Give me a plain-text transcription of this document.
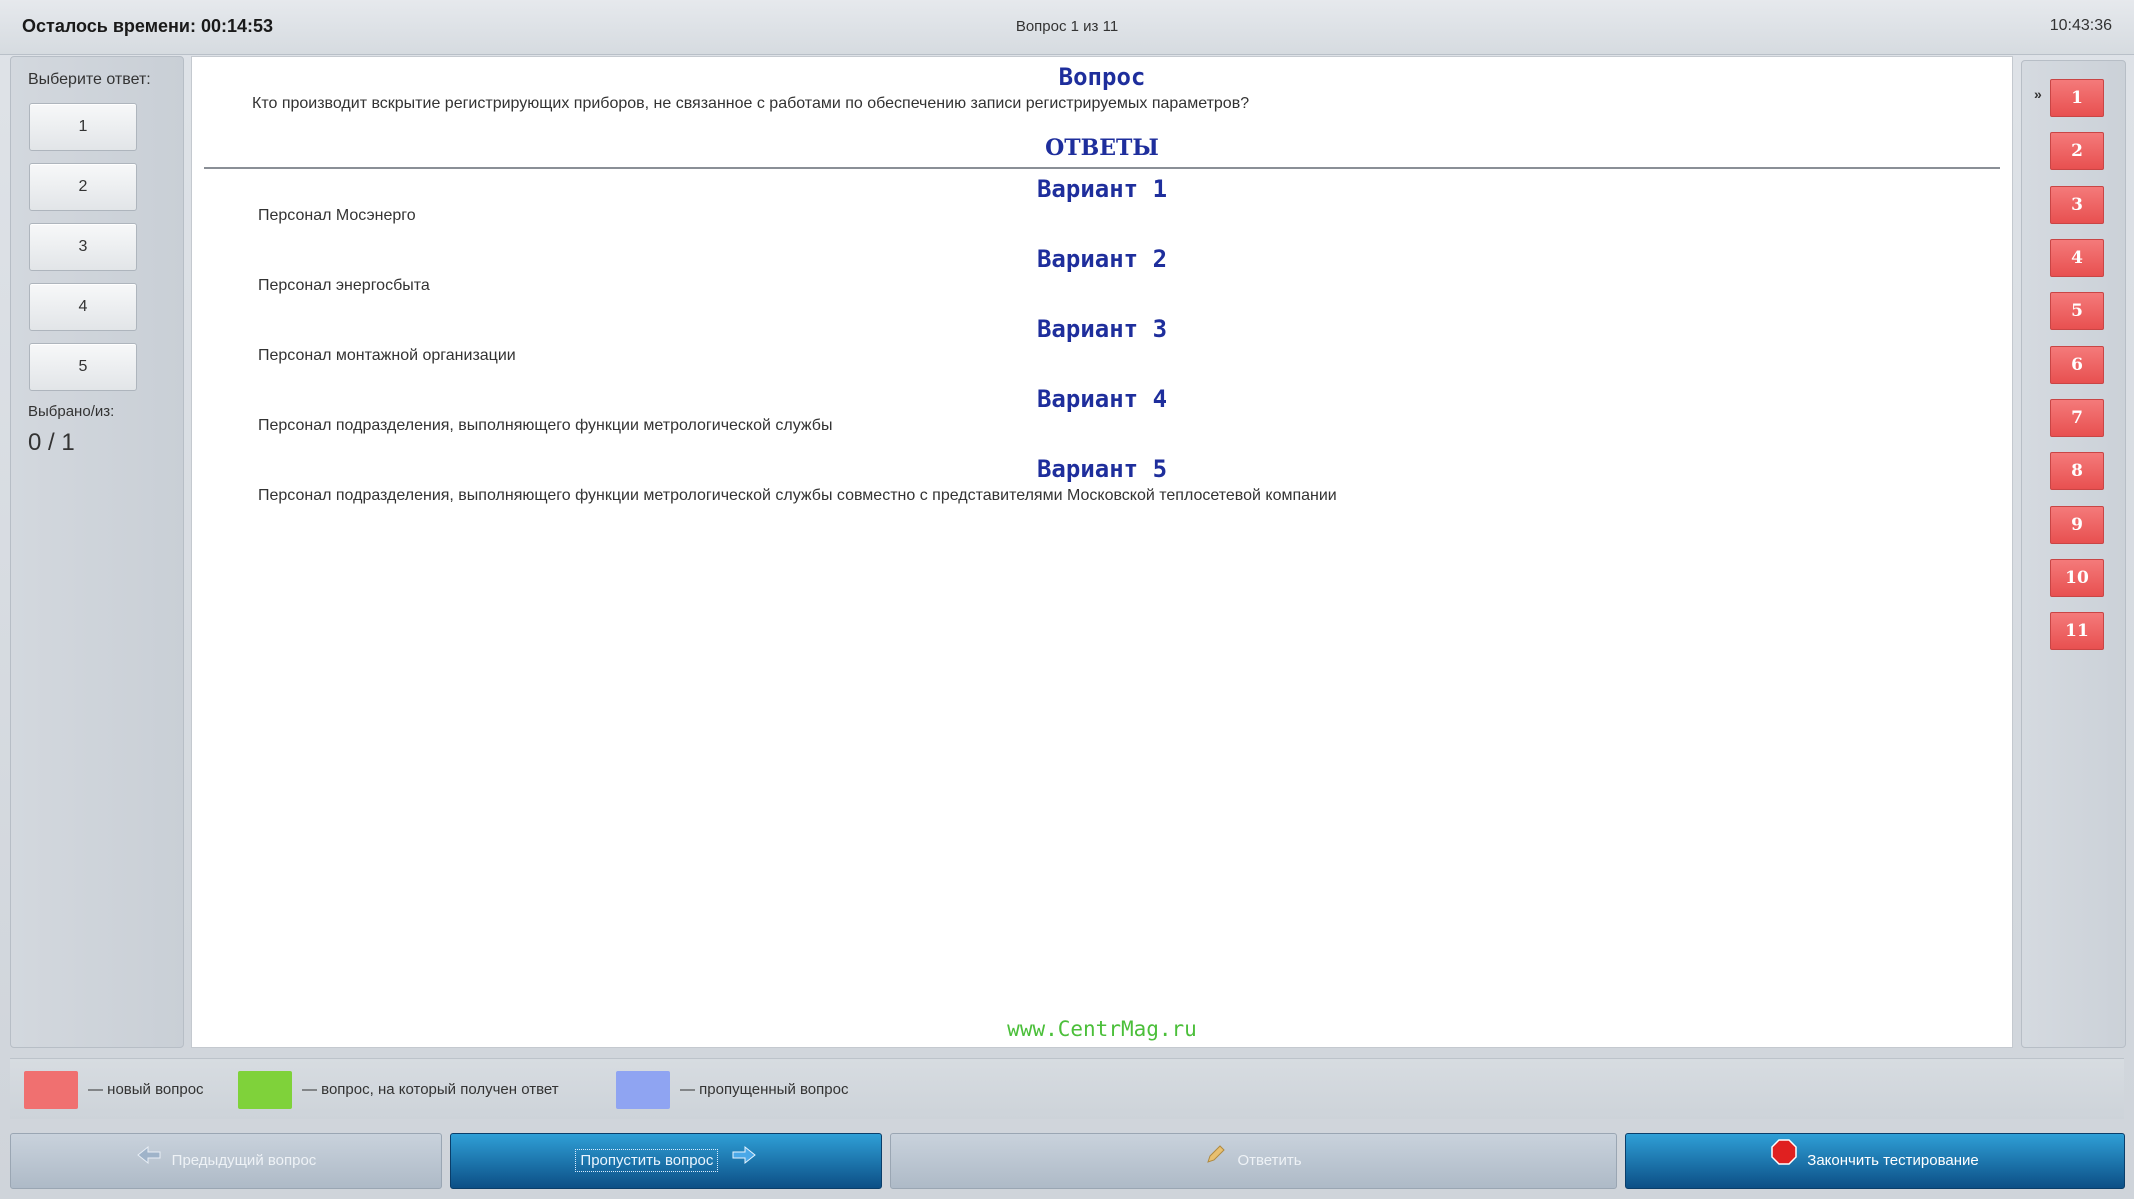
Осталось времени: 00:14:53	Вопрос 1 из 11	10:43:36
Выберите ответ:
1
2
3
4
5
Выбрано/из:
0 / 1
Вопрос
Кто производит вскрытие регистрирующих приборов, не связанное с работами по обеспечению записи регистрируемых параметров?
ОТВЕТЫ
Вариант 1
Персонал Мосэнерго
Вариант 2
Персонал энергосбыта
Вариант 3
Персонал монтажной организации
Вариант 4
Персонал подразделения, выполняющего функции метрологической службы
Вариант 5
Персонал подразделения, выполняющего функции метрологической службы совместно с представителями Московской теплосетевой компании
www.CentrMag.ru
»	1
2
3
4
5
6
7
8
9
10
11
— новый вопрос	— вопрос, на который получен ответ	— пропущенный вопрос
Предыдущий вопрос	Пропустить вопрос	Ответить	Закончить тестирование
